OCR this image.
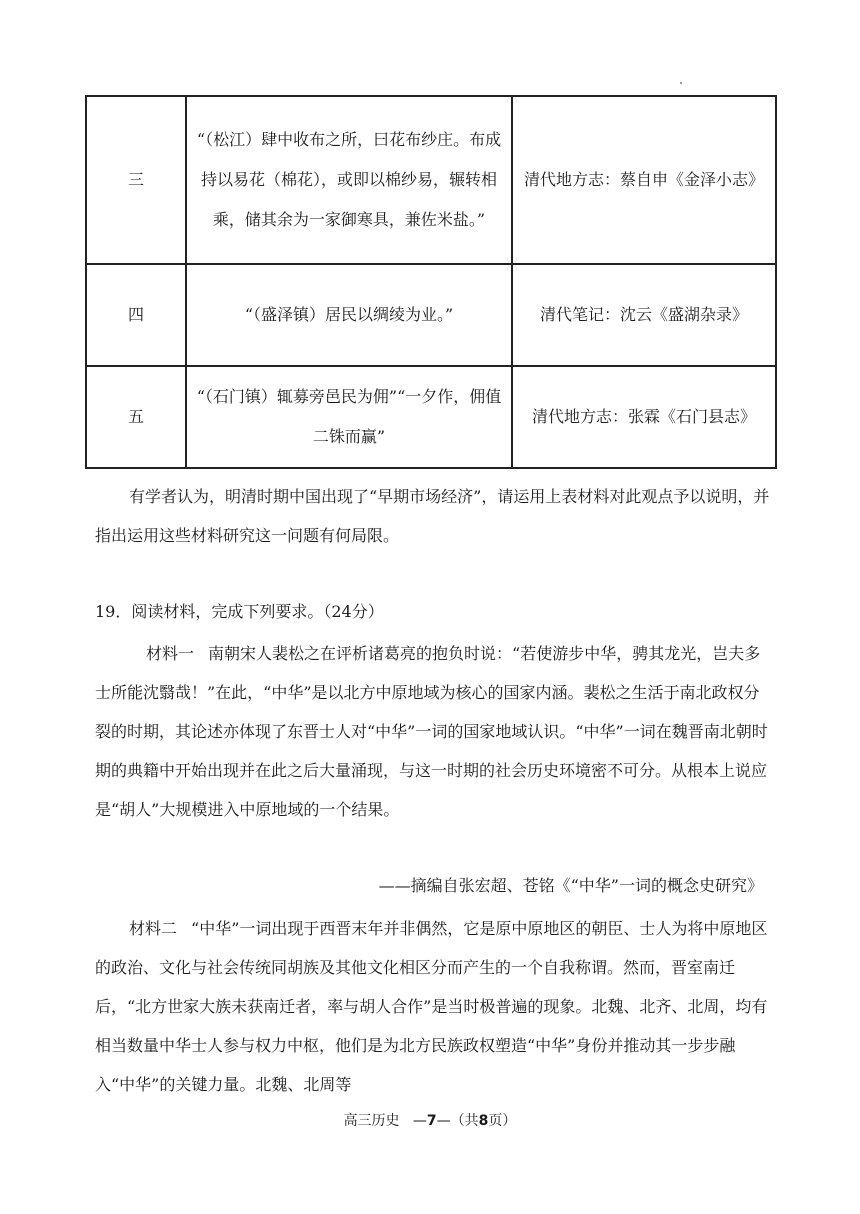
三	“（松江）肆中收布之所，曰花布纱庄。布成持以易花（棉花），或即以棉纱易，辗转相乘，储其余为一家御寒具，兼佐米盐。”	清代地方志：蔡自申《金泽小志》
四	“（盛泽镇）居民以绸绫为业。”	清代笔记：沈云《盛湖杂录》
五	“（石门镇）辄募旁邑民为佣”“一夕作，佣值二铢而赢”	清代地方志：张霖《石门县志》
有学者认为，明清时期中国出现了“早期市场经济”，请运用上表材料对此观点予以说明，并指出运用这些材料研究这一问题有何局限。
19．阅读材料，完成下列要求。（24分）
材料一 南朝宋人裴松之在评析诸葛亮的抱负时说：“若使游步中华，骋其龙光，岂夫多士所能沈翳哉！”在此，“中华”是以北方中原地域为核心的国家内涵。裴松之生活于南北政权分裂的时期，其论述亦体现了东晋士人对“中华”一词的国家地域认识。“中华”一词在魏晋南北朝时期的典籍中开始出现并在此之后大量涌现，与这一时期的社会历史环境密不可分。从根本上说应是“胡人”大规模进入中原地域的一个结果。
——摘编自张宏超、苍铭《“中华”一词的概念史研究》
材料二 “中华”一词出现于西晋末年并非偶然，它是原中原地区的朝臣、士人为将中原地区的政治、文化与社会传统同胡族及其他文化相区分而产生的一个自我称谓。然而，晋室南迁后，“北方世家大族未获南迁者，率与胡人合作”是当时极普遍的现象。北魏、北齐、北周，均有相当数量中华士人参与权力中枢，他们是为北方民族政权塑造“中华”身份并推动其一步步融入“中华”的关键力量。北魏、北周等
高三历史 —7—（共8页）
